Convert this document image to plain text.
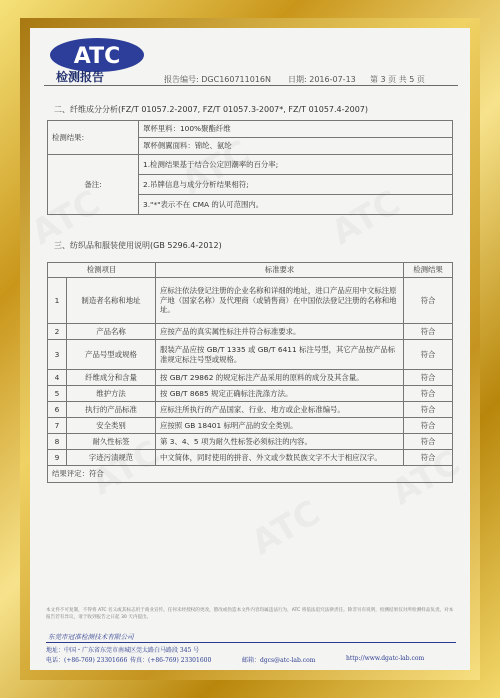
ATC
检测报告	报告编号: DGC160711016N 日期: 2016-07-13 第 3 页 共 5 页
二、纤维成分分析(FZ/T 01057.2-2007, FZ/T 01057.3-2007*, FZ/T 01057.4-2007)
检测结果:	罩杯里料：100%聚酯纤维
	罩杯侧翼面料：锦纶、氨纶
备注:	1.检测结果基于结合公定回潮率的百分率;
	2.吊牌信息与成分分析结果相符;
	3."*"表示不在 CMA 的认可范围内。
三、纺织品和服装使用说明(GB 5296.4-2012)
检测项目		标准要求	检测结果
1	制造者名称和地址	应标注依法登记注册的企业名称和详细的地址，进口产品应用中文标注原产地（国家名称）及代理商（或销售商）在中国依法登记注册的名称和地址。	符合
2	产品名称	应按产品的真实属性标注并符合标准要求。	符合
3	产品号型或规格	服装产品应按 GB/T 1335 或 GB/T 6411 标注号型，其它产品按产品标准规定标注号型或规格。	符合
4	纤维成分和含量	按 GB/T 29862 的规定标注产品采用的原料的成分及其含量。	符合
5	维护方法	按 GB/T 8685 规定正确标注洗涤方法。	符合
6	执行的产品标准	应标注所执行的产品国家、行业、地方或企业标准编号。	符合
7	安全类别	应按照 GB 18401 标明产品的安全类别。	符合
8	耐久性标签	第 3、4、5 项为耐久性标签必须标注的内容。	符合
9	字迹污渍规范	中文简体，同时使用的拼音、外文或少数民族文字不大于相应汉字。	符合
结果评定：符合			
本文件不可复制，不得将 ATC 名义或其标志用于商业宣传。任何未经授权的更改、篡改或伪造本文件内容均属违法行为，ATC 将依法追究法律责任。除非另有说明，检测结果仅对所检测样品负责。对本报告若有异议，请于收到报告之日起 30 天内提出。
东莞市冠准检测技术有限公司
地址：中国・广东省东莞市南城区莞太路白马路段 345 号
电话：(+86-769) 23301666 传真：(+86-769) 23301600	邮箱：dgcs@atc-lab.com	http://www.dgatc-lab.com
